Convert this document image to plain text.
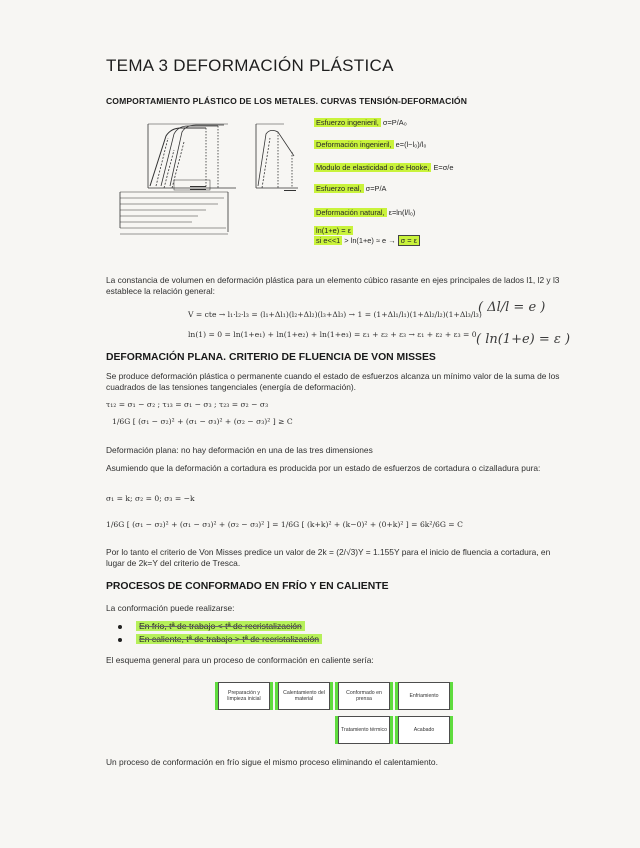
TEMA 3 DEFORMACIÓN PLÁSTICA
COMPORTAMIENTO PLÁSTICO DE LOS METALES. CURVAS TENSIÓN-DEFORMACIÓN
Esfuerzo ingenieril, σ=P/A₀
Deformación ingenieril, e=(l−l₀)/l₀
Modulo de elasticidad o de Hooke, E=σ/e
Esfuerzo real, σ=P/A
Deformación natural, ε=ln(l/l₀)
ln(1+e) = ε
si e<<1 > ln(1+e) ≈ e → σ = ε
La constancia de volumen en deformación plástica para un elemento cúbico rasante en ejes principales de lados l1, l2 y l3 establece la relación general:
V = cte → l₁·l₂·l₃ = (l₁+Δl₁)(l₂+Δl₂)(l₃+Δl₃) → 1 = (1+Δl₁/l₁)(1+Δl₂/l₂)(1+Δl₃/l₃)
ln(1) = 0 = ln(1+e₁) + ln(1+e₂) + ln(1+e₃) = ε₁ + ε₂ + ε₃ → ε₁ + ε₂ + ε₃ = 0
( Δl/l = e )
( ln(1+e) = ε )
DEFORMACIÓN PLANA. CRITERIO DE FLUENCIA DE VON MISSES
Se produce deformación plástica o permanente cuando el estado de esfuerzos alcanza un mínimo valor de la suma de los cuadrados de las tensiones tangenciales (energía de deformación).
τ₁₂ = σ₁ − σ₂ ; τ₁₃ = σ₁ − σ₃ ; τ₂₃ = σ₂ − σ₃
1/6G [ (σ₁ − σ₂)² + (σ₁ − σ₃)² + (σ₂ − σ₃)² ] ≥ C
Deformación plana: no hay deformación en una de las tres dimensiones
Asumiendo que la deformación a cortadura es producida por un estado de esfuerzos de cortadura o cizalladura pura:
σ₁ = k; σ₂ = 0; σ₃ = −k
1/6G [ (σ₁ − σ₂)² + (σ₁ − σ₃)² + (σ₂ − σ₃)² ] = 1/6G [ (k+k)² + (k−0)² + (0+k)² ] = 6k²/6G = C
Por lo tanto el criterio de Von Misses predice un valor de 2k = (2/√3)Y = 1.155Y para el inicio de fluencia a cortadura, en lugar de 2k=Y del criterio de Tresca.
PROCESOS DE CONFORMADO EN FRÍO Y EN CALIENTE
La conformación puede realizarse:
En frío, tª de trabajo < tª de recristalización
En caliente, tª de trabajo > tª de recristalización
El esquema general para un proceso de conformación en caliente sería:
Preparación y limpieza inicial
Calentamiento del material
Conformado en prensa	Enfriamiento
Tratamiento térmico	Acabado
Un proceso de conformación en frío sigue el mismo proceso eliminando el calentamiento.
